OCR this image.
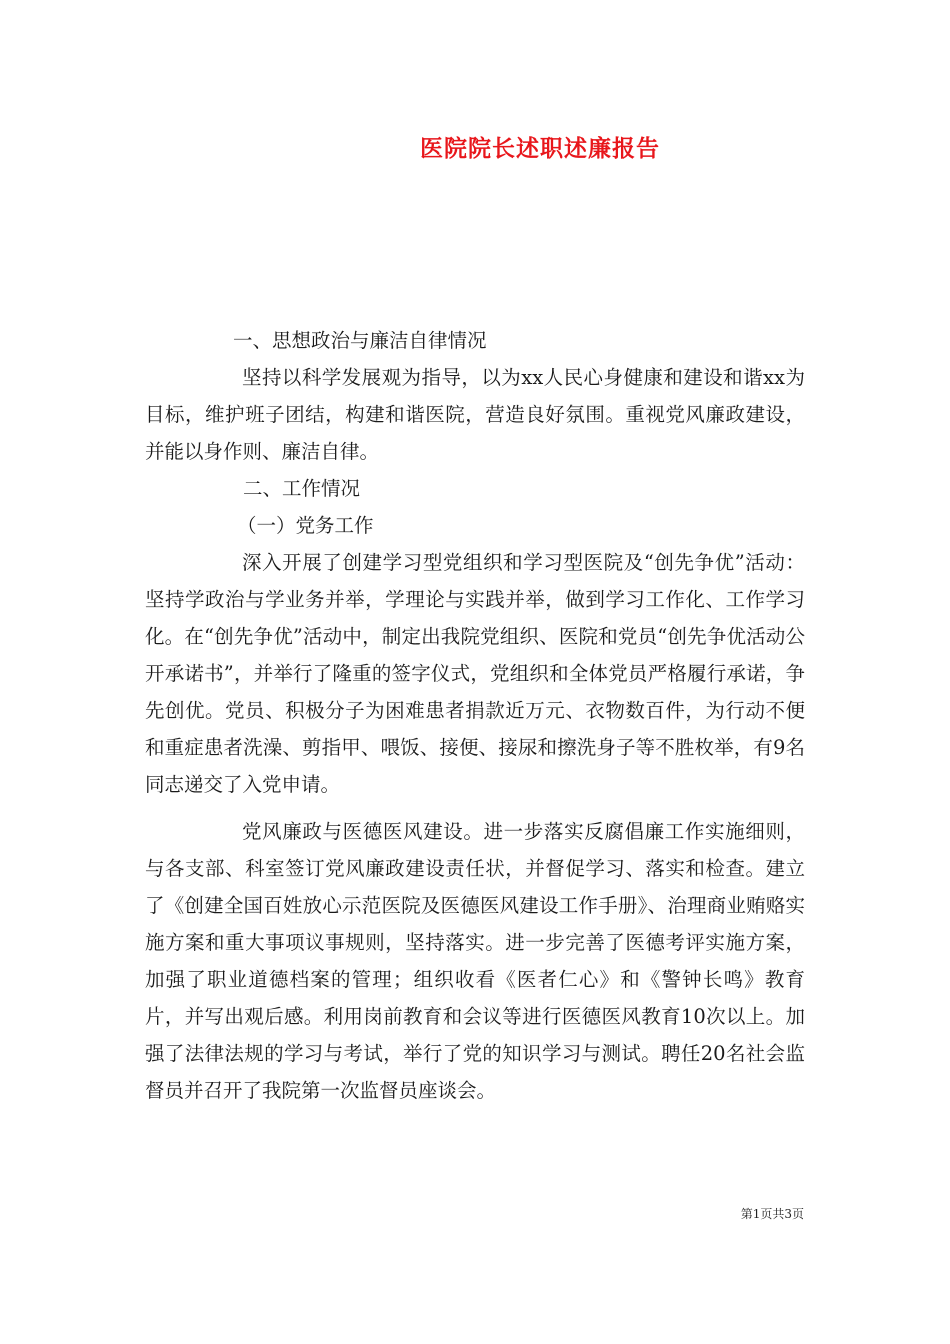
医院院长述职述廉报告

一、思想政治与廉洁自律情况

坚持以科学发展观为指导，以为xx人民心身健康和建设和谐xx为目标，维护班子团结，构建和谐医院，营造良好氛围。重视党风廉政建设，并能以身作则、廉洁自律。

二、工作情况

（一）党务工作

深入开展了创建学习型党组织和学习型医院及“创先争优”活动：坚持学政治与学业务并举，学理论与实践并举，做到学习工作化、工作学习化。在“创先争优”活动中，制定出我院党组织、医院和党员“创先争优活动公开承诺书”，并举行了隆重的签字仪式，党组织和全体党员严格履行承诺，争先创优。党员、积极分子为困难患者捐款近万元、衣物数百件，为行动不便和重症患者洗澡、剪指甲、喂饭、接便、接尿和擦洗身子等不胜枚举，有9名同志递交了入党申请。

党风廉政与医德医风建设。进一步落实反腐倡廉工作实施细则，与各支部、科室签订党风廉政建设责任状，并督促学习、落实和检查。建立了《创建全国百姓放心示范医院及医德医风建设工作手册》、治理商业贿赂实施方案和重大事项议事规则，坚持落实。进一步完善了医德考评实施方案，加强了职业道德档案的管理；组织收看《医者仁心》和《警钟长鸣》教育片，并写出观后感。利用岗前教育和会议等进行医德医风教育10次以上。加强了法律法规的学习与考试，举行了党的知识学习与测试。聘任20名社会监督员并召开了我院第一次监督员座谈会。

第1页共3页
